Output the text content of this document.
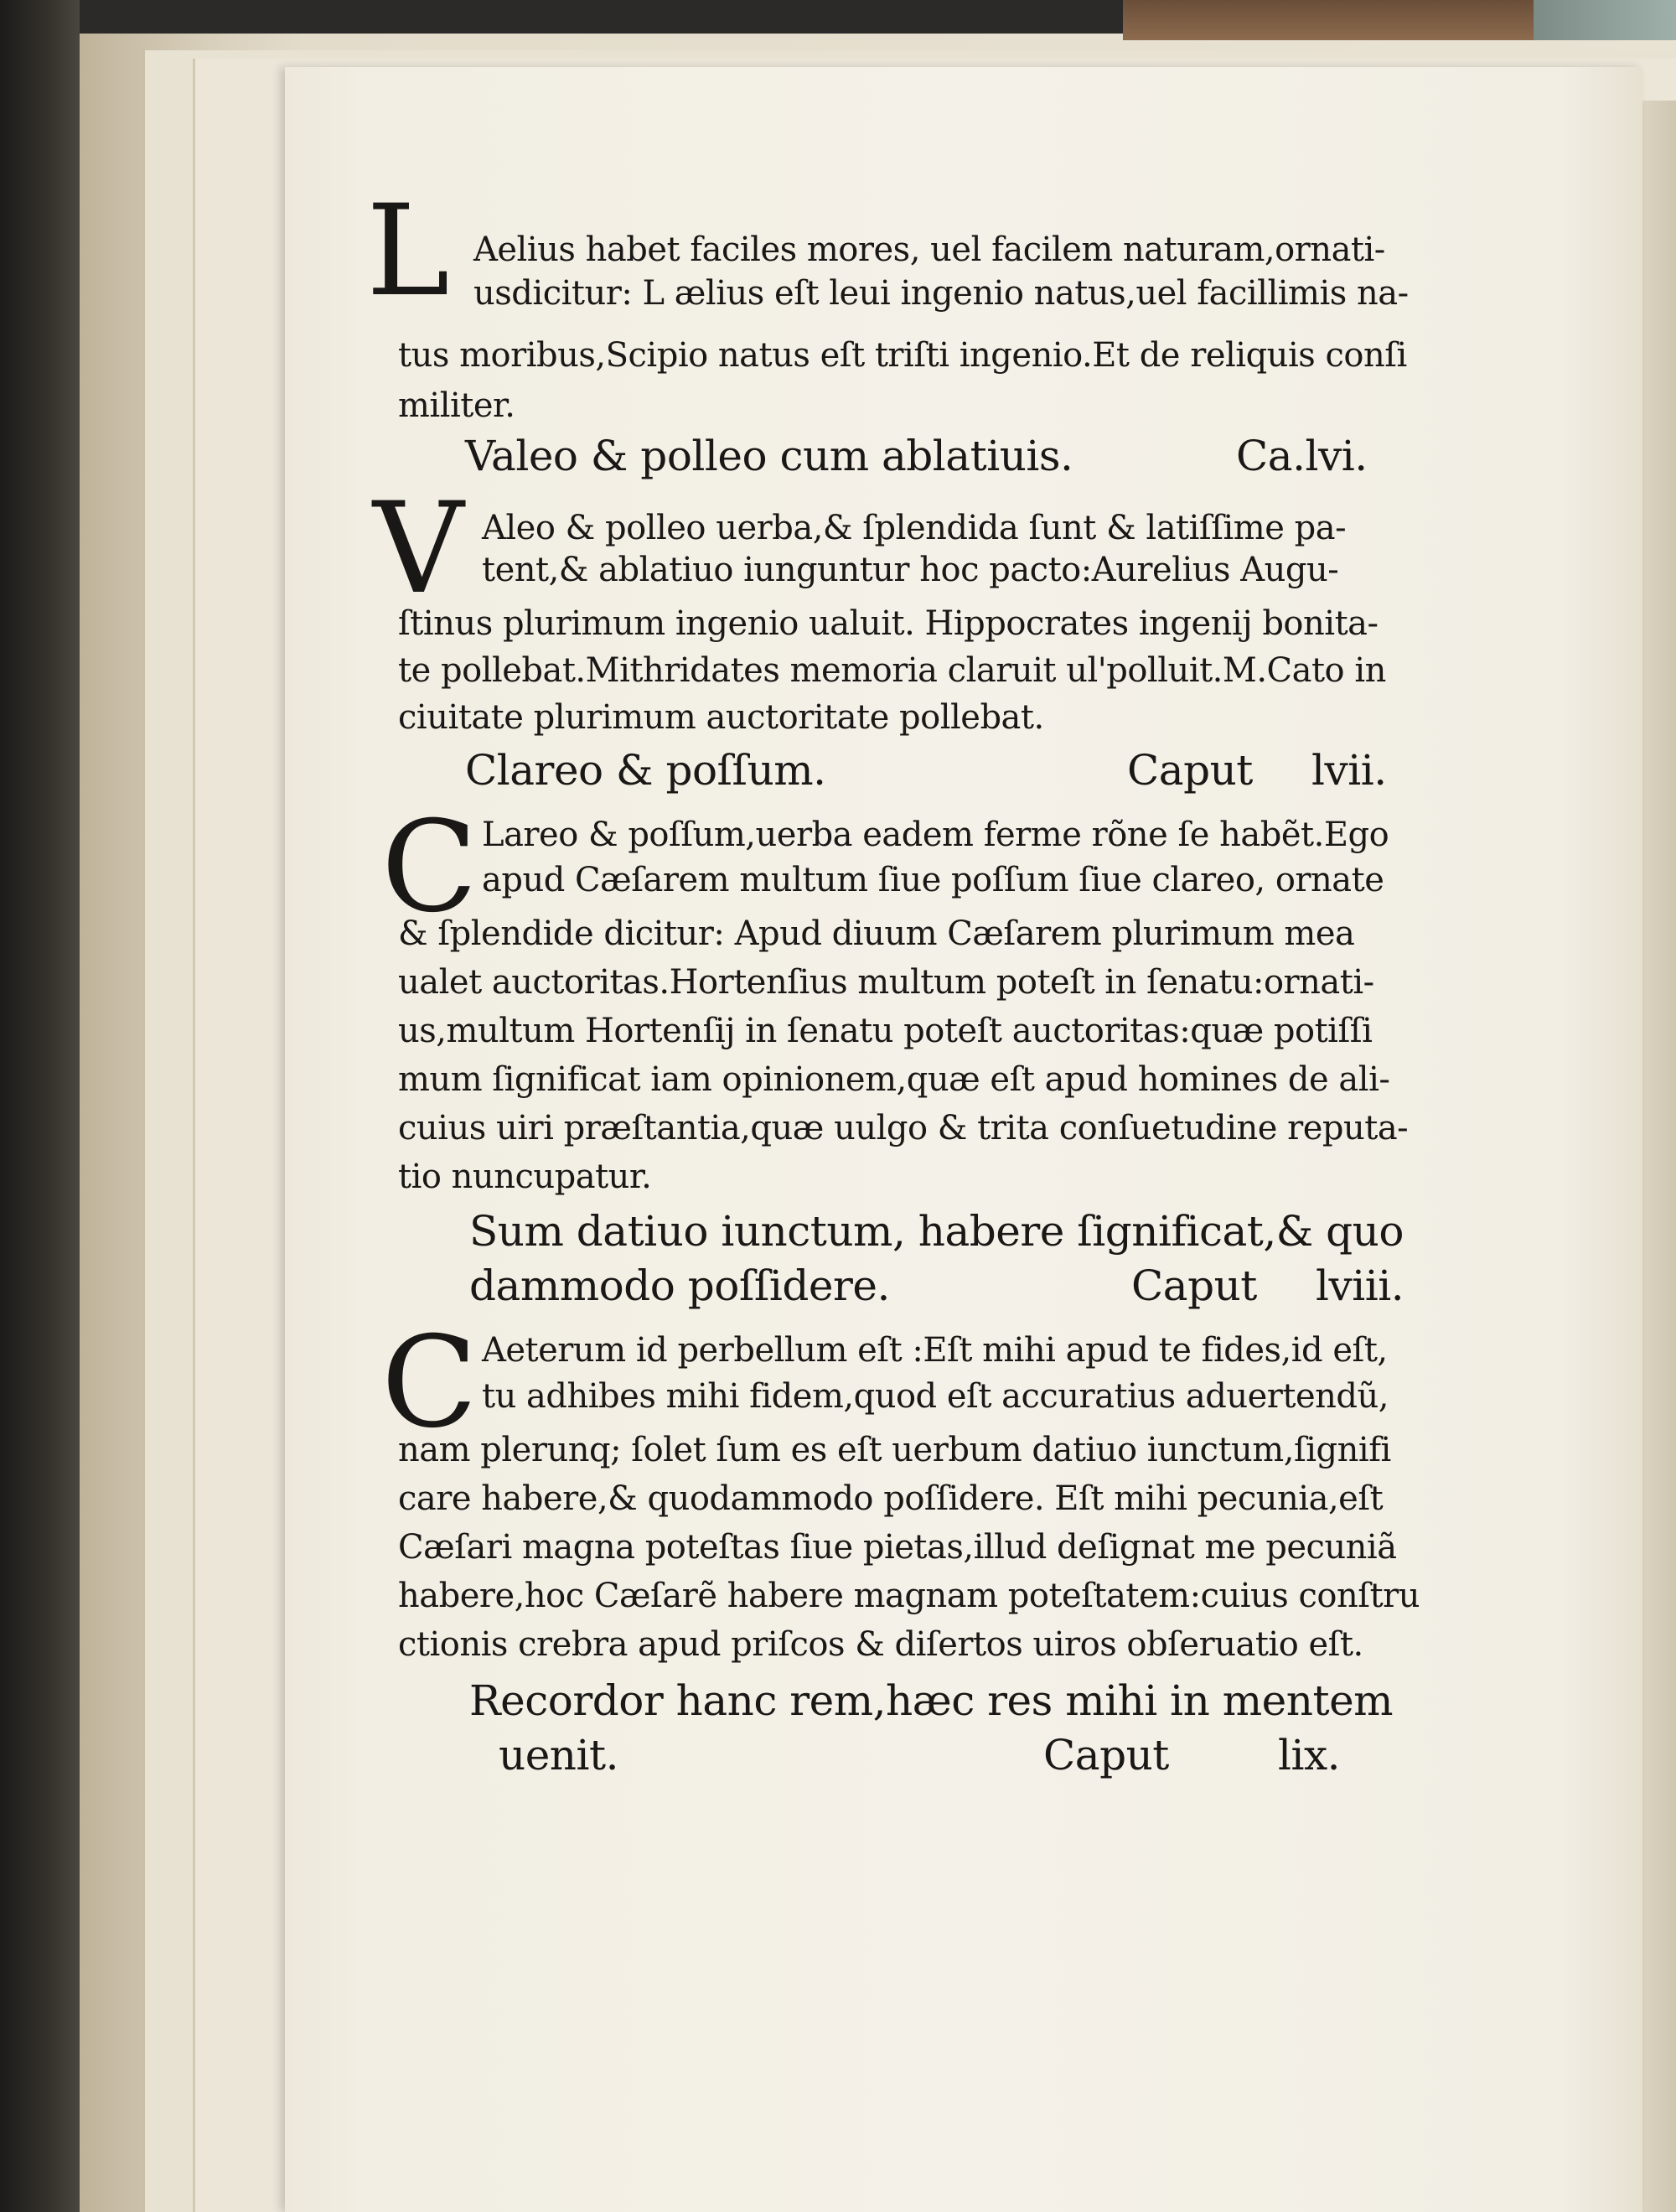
L Aelius habet faciles mores, uel facilem naturam,ornati-
usdicitur: L ælius eſt leui ingenio natus,uel facillimis na-
tus moribus,Scipio natus eſt triſti ingenio.Et de reliquis conſi
militer.
Valeo & polleo cum ablatiuis.	Ca.lvi.
V Aleo & polleo uerba,& ſplendida ſunt & latiſſime pa-
tent,& ablatiuo iunguntur hoc pacto:Aurelius Augu-
ſtinus plurimum ingenio ualuit. Hippocrates ingenij bonita-
te pollebat.Mithridates memoria claruit ul'polluit.M.Cato in
ciuitate plurimum auctoritate pollebat.
Clareo & poſſum.	Caput lvii.
C Lareo & poſſum,uerba eadem ferme rõne ſe habẽt.Ego
apud Cæſarem multum ſiue poſſum ſiue clareo, ornate
& ſplendide dicitur: Apud diuum Cæſarem plurimum mea
ualet auctoritas.Hortenſius multum poteſt in ſenatu:ornati-
us,multum Hortenſij in ſenatu poteſt auctoritas:quæ potiſſi
mum ſignificat iam opinionem,quæ eſt apud homines de ali-
cuius uiri præſtantia,quæ uulgo & trita conſuetudine reputa-
tio nuncupatur.
Sum datiuo iunctum, habere ſignificat,& quo
dammodo poſſidere.	Caput lviii.
C Aeterum id perbellum eſt :Eſt mihi apud te fides,id eſt,
tu adhibes mihi fidem,quod eſt accuratius aduertendũ,
nam plerunq; ſolet ſum es eſt uerbum datiuo iunctum,ſignifi
care habere,& quodammodo poſſidere. Eſt mihi pecunia,eſt
Cæſari magna poteſtas ſiue pietas,illud deſignat me pecuniã
habere,hoc Cæſarẽ habere magnam poteſtatem:cuius conſtru
ctionis crebra apud priſcos & diſertos uiros obſeruatio eſt.
Recordor hanc rem,hæc res mihi in mentem
uenit.	Caput	lix.
